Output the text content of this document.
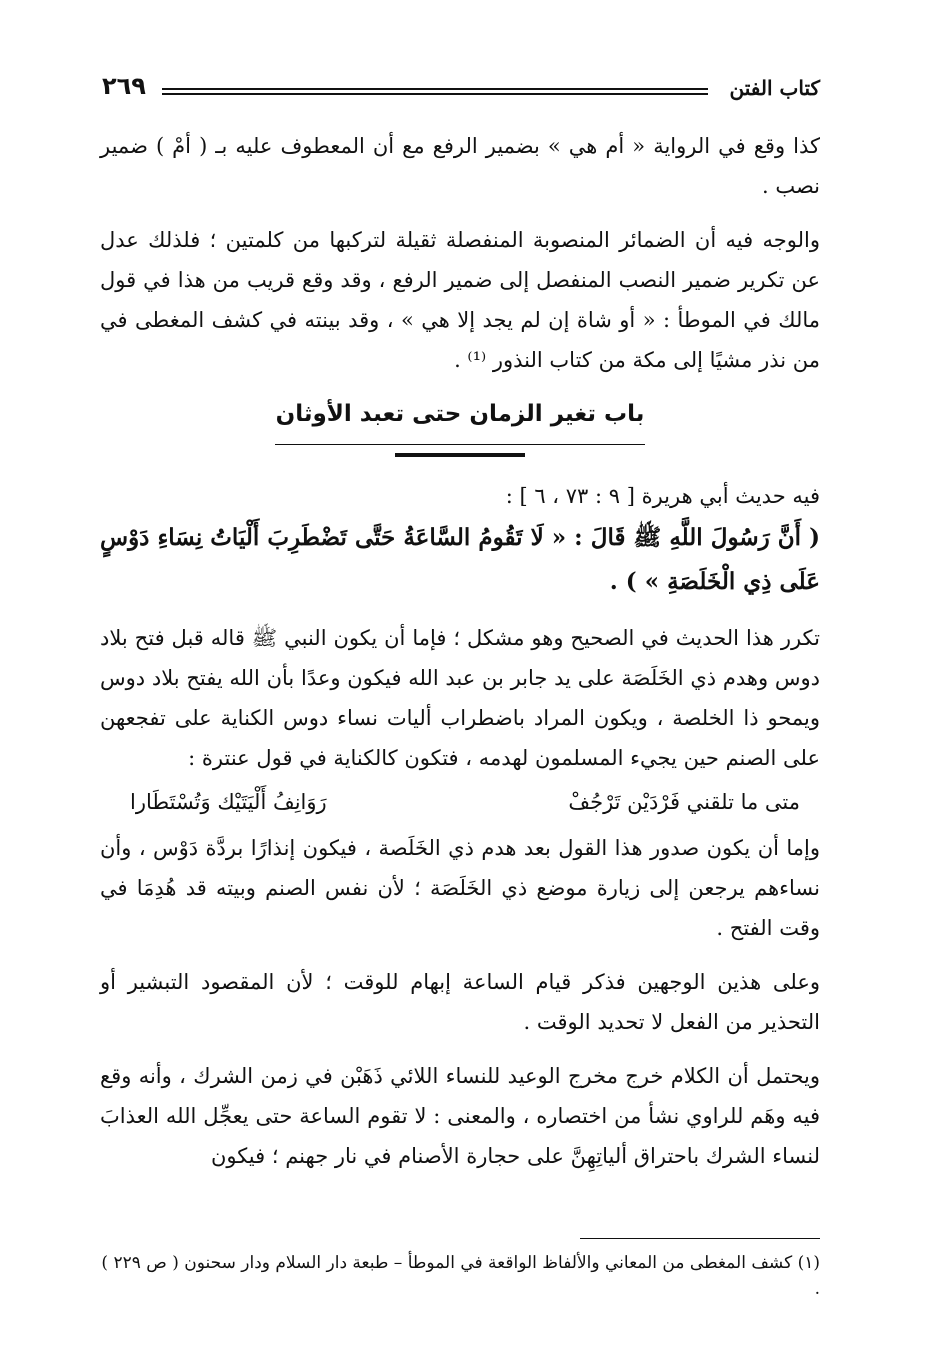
كتاب الفتن
٢٦٩

كذا وقع في الرواية « أم هي » بضمير الرفع مع أن المعطوف عليه بـ ( أمْ ) ضمير نصب .

والوجه فيه أن الضمائر المنصوبة المنفصلة ثقيلة لتركبها من كلمتين ؛ فلذلك عدل عن تكرير ضمير النصب المنفصل إلى ضمير الرفع ، وقد وقع قريب من هذا في قول مالك في الموطأ : « أو شاة إن لم يجد إلا هي » ، وقد بينته في كشف المغطى في من نذر مشيًا إلى مكة من كتاب النذور ⁽¹⁾ .

باب تغير الزمان حتى تعبد الأوثان

فيه حديث أبي هريرة [ ٩ : ٧٣ ، ٦ ] :

( أَنَّ رَسُولَ اللَّهِ ﷺ قَالَ : « لَا تَقُومُ السَّاعَةُ حَتَّى تَضْطَرِبَ أَلْيَاتُ نِسَاءِ دَوْسٍ عَلَى ذِي الْخَلَصَةِ » ) .

تكرر هذا الحديث في الصحيح وهو مشكل ؛ فإما أن يكون النبي ﷺ قاله قبل فتح بلاد دوس وهدم ذي الخَلَصَة على يد جابر بن عبد الله فيكون وعدًا بأن الله يفتح بلاد دوس ويمحو ذا الخلصة ، ويكون المراد باضطراب أليات نساء دوس الكناية على تفجعهن على الصنم حين يجيء المسلمون لهدمه ، فتكون كالكناية في قول عنترة :

متى ما تلقني فَرْدَيْن تَرْجُفْ
رَوَانِفُ أَلْيَتَيْك وَتُسْتَطَارا

وإما أن يكون صدور هذا القول بعد هدم ذي الخَلَصة ، فيكون إنذارًا بردَّة دَوْس ، وأن نساءهم يرجعن إلى زيارة موضع ذي الخَلَصَة ؛ لأن نفس الصنم وبيته قد هُدِمَا في وقت الفتح .

وعلى هذين الوجهين فذكر قيام الساعة إبهام للوقت ؛ لأن المقصود التبشير أو التحذير من الفعل لا تحديد الوقت .

ويحتمل أن الكلام خرج مخرج الوعيد للنساء اللائي ذَهَبْن في زمن الشرك ، وأنه وقع فيه وهَم للراوي نشأ من اختصاره ، والمعنى : لا تقوم الساعة حتى يعجِّل الله العذابَ لنساء الشرك باحتراق ألياتِهِنَّ على حجارة الأصنام في نار جهنم ؛ فيكون

(١) كشف المغطى من المعاني والألفاظ الواقعة في الموطأ – طبعة دار السلام ودار سحنون ( ص ٢٢٩ ) .
